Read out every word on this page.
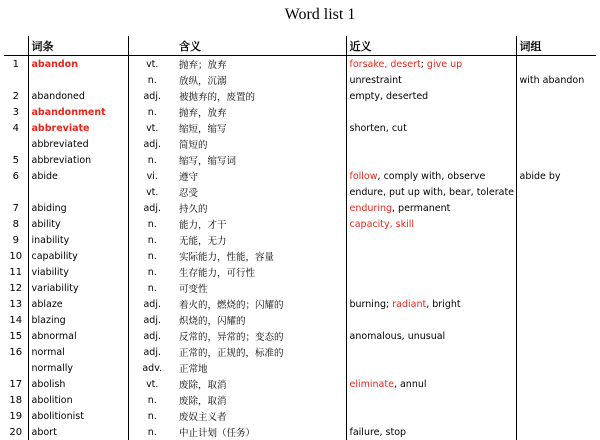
Word list 1
	词条		含义	近义	词组
1	abandon	vt.	抛弃；放弃	forsake, desert; give up	
		n.	放纵，沉溺	unrestraint	with abandon
2	abandoned	adj.	被抛弃的，废置的	empty, deserted	
3	abandonment	n.	抛弃，放弃		
4	abbreviate	vt.	缩短，缩写	shorten, cut	
	abbreviated	adj.	简短的		
5	abbreviation	n.	缩写，缩写词		
6	abide	vi.	遵守	follow, comply with, observe	abide by
		vt.	忍受	endure, put up with, bear, tolerate	
7	abiding	adj.	持久的	enduring, permanent	
8	ability	n.	能力，才干	capacity, skill	
9	inability	n.	无能，无力		
10	capability	n.	实际能力，性能，容量		
11	viability	n.	生存能力，可行性		
12	variability	n.	可变性		
13	ablaze	adj.	着火的，燃烧的；闪耀的	burning; radiant, bright	
14	blazing	adj.	炽烧的，闪耀的		
15	abnormal	adj.	反常的，异常的；变态的	anomalous, unusual	
16	normal	adj.	正常的，正规的，标准的		
	normally	adv.	正常地		
17	abolish	vt.	废除，取消	eliminate, annul	
18	abolition	n.	废除，取消		
19	abolitionist	n.	废奴主义者		
20	abort	n.	中止计划（任务）	failure, stop	
